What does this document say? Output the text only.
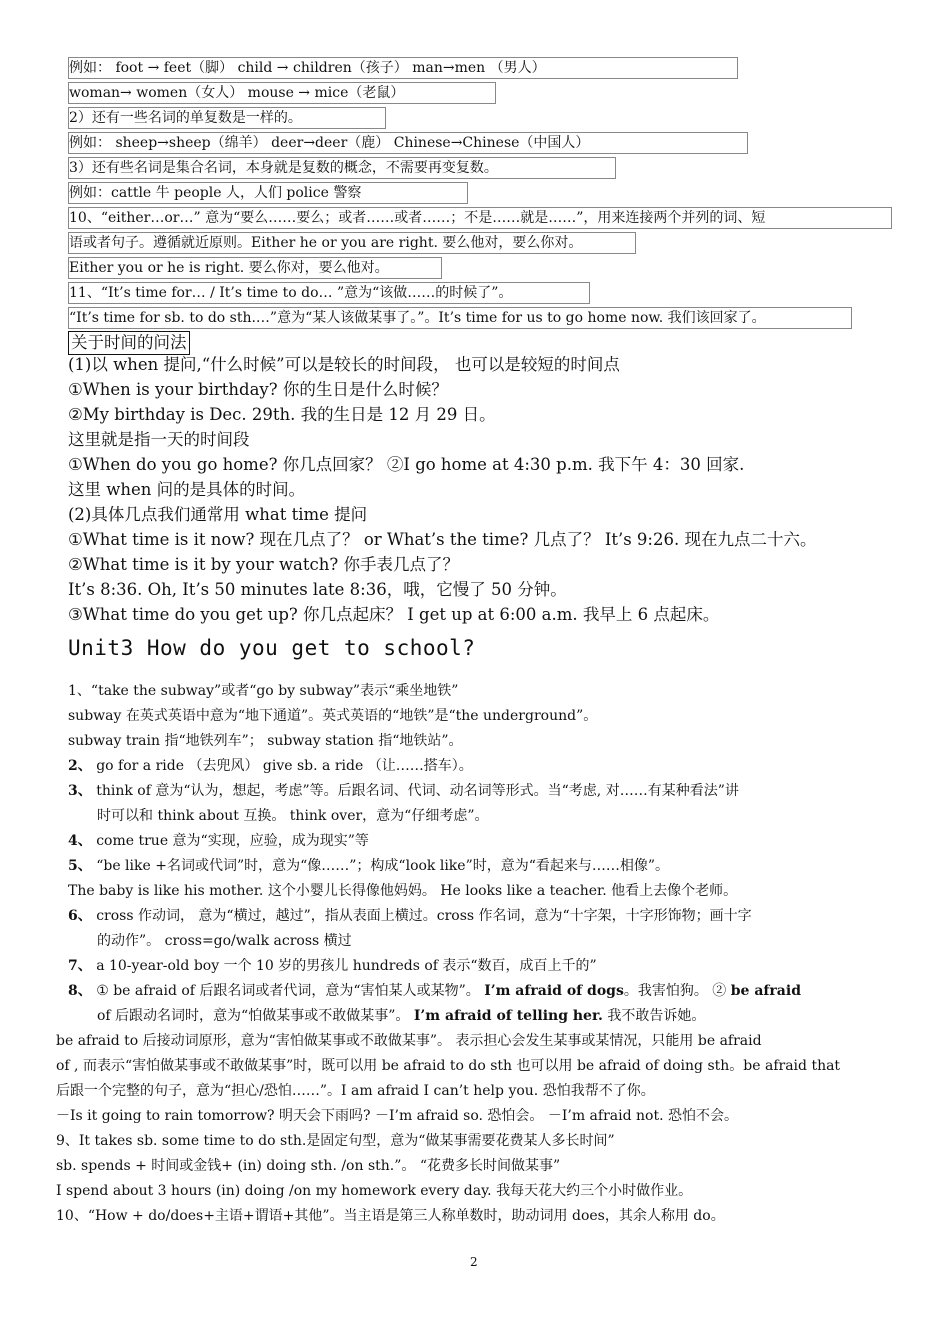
例如： foot → feet（脚） child → children（孩子） man→men （男人）
woman→ women（女人） mouse → mice（老鼠）
2）还有一些名词的单复数是一样的。
例如： sheep→sheep（绵羊） deer→deer（鹿） Chinese→Chinese（中国人）
3）还有些名词是集合名词，本身就是复数的概念，不需要再变复数。
例如：cattle 牛 people 人，人们 police 警察
10、“either…or…” 意为“要么……要么；或者……或者……；不是……就是……”，用来连接两个并列的词、短
语或者句子。遵循就近原则。Either he or you are right. 要么他对，要么你对。
Either you or he is right. 要么你对，要么他对。
11、“It’s time for… / It’s time to do… ”意为“该做……的时候了”。
“It’s time for sb. to do sth.…”意为“某人该做某事了。”。It’s time for us to go home now. 我们该回家了。
关于时间的问法
(1)以 when 提问,“什么时候”可以是较长的时间段， 也可以是较短的时间点
①When is your birthday? 你的生日是什么时候？
②My birthday is Dec. 29th. 我的生日是 12 月 29 日。
这里就是指一天的时间段
①When do you go home? 你几点回家？ ②I go home at 4:30 p.m. 我下午 4：30 回家.
这里 when 问的是具体的时间。
(2)具体几点我们通常用 what time 提问
①What time is it now? 现在几点了？ or What’s the time? 几点了？ It’s 9:26. 现在九点二十六。
②What time is it by your watch? 你手表几点了？
It’s 8:36. Oh, It’s 50 minutes late 8:36，哦，它慢了 50 分钟。
③What time do you get up? 你几点起床？ I get up at 6:00 a.m. 我早上 6 点起床。
Unit3 How do you get to school?
1、“take the subway”或者“go by subway”表示“乘坐地铁”
subway 在英式英语中意为“地下通道”。英式英语的“地铁”是“the underground”。
subway train 指“地铁列车”； subway station 指“地铁站”。
2、 go for a ride （去兜风） give sb. a ride （让……搭车）。
3、 think of 意为“认为，想起，考虑”等。后跟名词、代词、动名词等形式。当“考虑, 对……有某种看法”讲
时可以和 think about 互换。 think over，意为“仔细考虑”。
4、 come true 意为“实现，应验，成为现实”等
5、 “be like +名词或代词”时，意为“像……”；构成“look like”时，意为“看起来与……相像”。
The baby is like his mother. 这个小婴儿长得像他妈妈。 He looks like a teacher. 他看上去像个老师。
6、 cross 作动词， 意为“横过，越过”，指从表面上横过。cross 作名词，意为“十字架，十字形饰物；画十字
的动作”。 cross=go/walk across 横过
7、 a 10-year-old boy 一个 10 岁的男孩儿 hundreds of 表示“数百，成百上千的”
8、 ① be afraid of 后跟名词或者代词，意为“害怕某人或某物”。 I’m afraid of dogs。我害怕狗。 ② be afraid
of 后跟动名词时，意为“怕做某事或不敢做某事”。 I’m afraid of telling her. 我不敢告诉她。
be afraid to 后接动词原形，意为“害怕做某事或不敢做某事”。 表示担心会发生某事或某情况，只能用 be afraid
of , 而表示“害怕做某事或不敢做某事”时，既可以用 be afraid to do sth 也可以用 be afraid of doing sth。be afraid that
后跟一个完整的句子，意为“担心/恐怕……”。I am afraid I can’t help you. 恐怕我帮不了你。
－Is it going to rain tomorrow? 明天会下雨吗? －I’m afraid so. 恐怕会。 －I’m afraid not. 恐怕不会。
9、It takes sb. some time to do sth.是固定句型，意为“做某事需要花费某人多长时间”
sb. spends + 时间或金钱+ (in) doing sth. /on sth.”。 “花费多长时间做某事”
I spend about 3 hours (in) doing /on my homework every day. 我每天花大约三个小时做作业。
10、“How + do/does+主语+谓语+其他”。当主语是第三人称单数时，助动词用 does，其余人称用 do。
2
